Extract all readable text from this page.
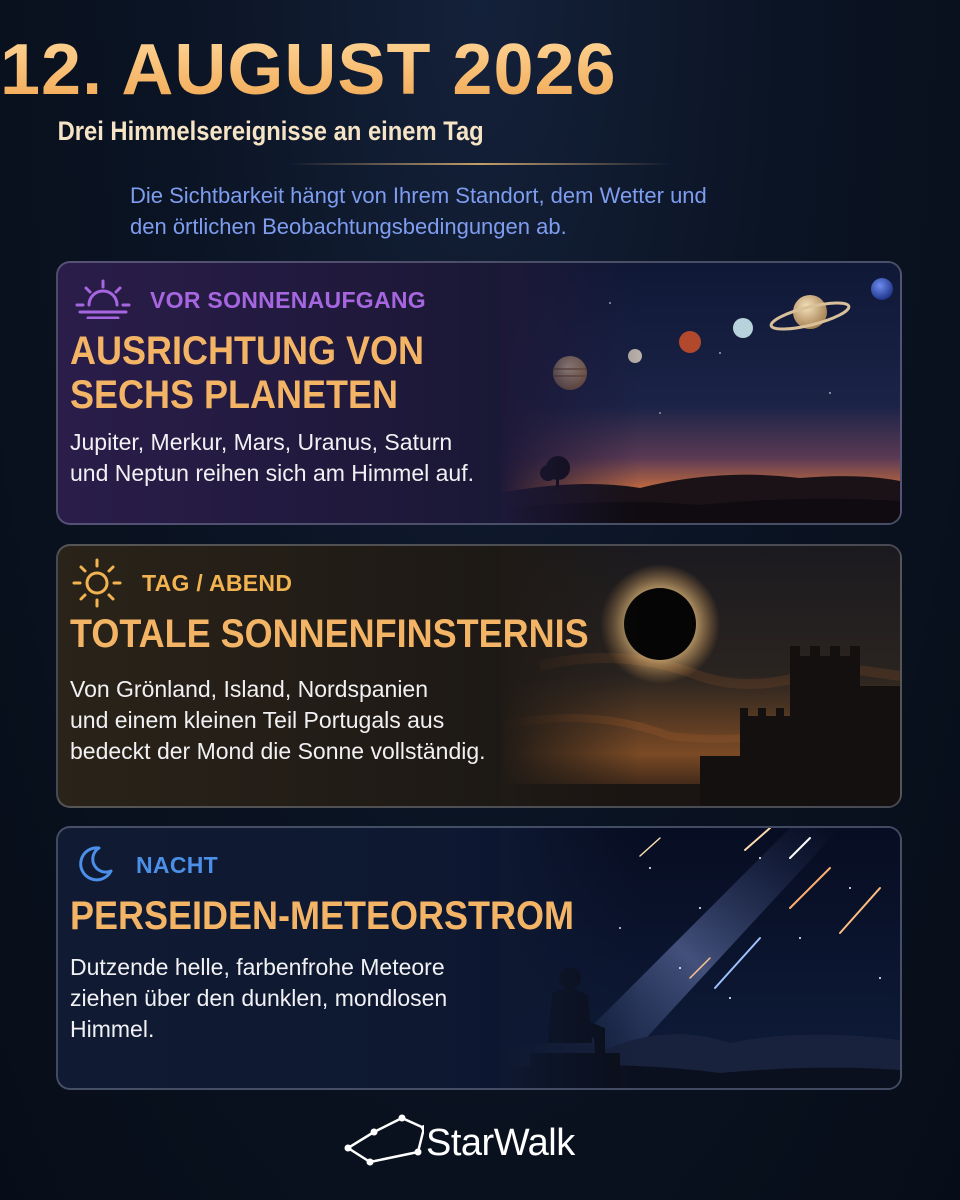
12. AUGUST 2026
Drei Himmelsereignisse an einem Tag
Die Sichtbarkeit hängt von Ihrem Standort, dem Wetter und
den örtlichen Beobachtungsbedingungen ab.
VOR SONNENAUFGANG
AUSRICHTUNG VON
SECHS PLANETEN
Jupiter, Merkur, Mars, Uranus, Saturn
und Neptun reihen sich am Himmel auf.
TAG / ABEND
TOTALE SONNENFINSTERNIS
Von Grönland, Island, Nordspanien
und einem kleinen Teil Portugals aus
bedeckt der Mond die Sonne vollständig.
NACHT
PERSEIDEN-METEORSTROM
Dutzende helle, farbenfrohe Meteore
ziehen über den dunklen, mondlosen
Himmel.
StarWalk
